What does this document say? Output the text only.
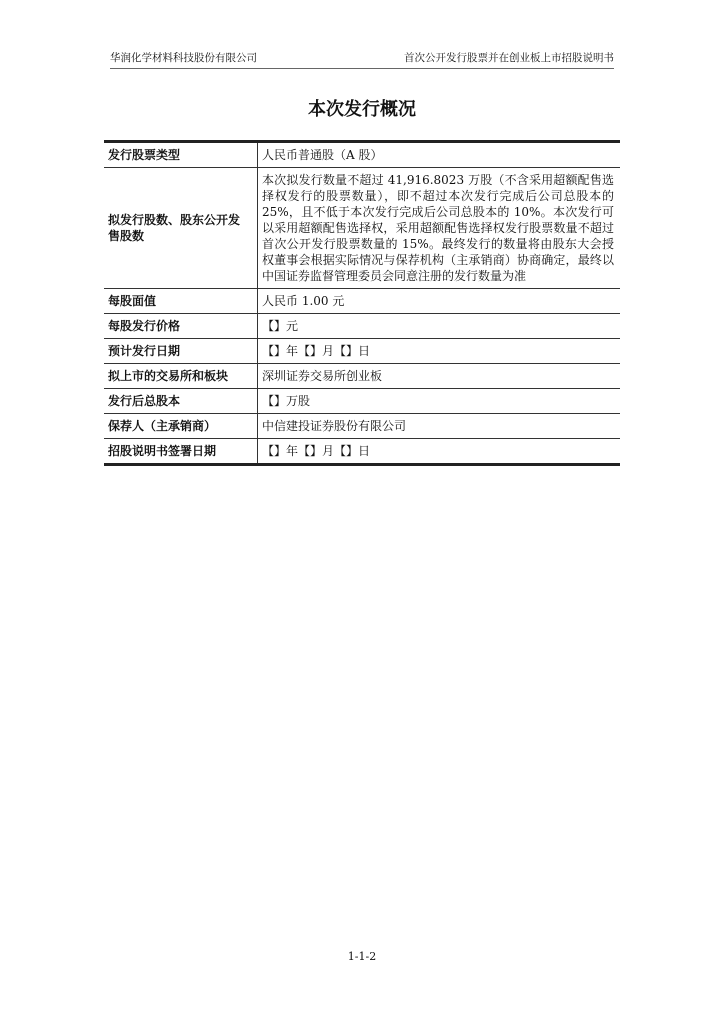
华润化学材料科技股份有限公司	首次公开发行股票并在创业板上市招股说明书
本次发行概况
发行股票类型	人民币普通股（A 股）
拟发行股数、股东公开发售股数	本次拟发行数量不超过 41,916.8023 万股（不含采用超额配售选择权发行的股票数量），即不超过本次发行完成后公司总股本的25%，且不低于本次发行完成后公司总股本的 10%。本次发行可以采用超额配售选择权，采用超额配售选择权发行股票数量不超过首次公开发行股票数量的 15%。最终发行的数量将由股东大会授权董事会根据实际情况与保荐机构（主承销商）协商确定，最终以中国证券监督管理委员会同意注册的发行数量为准
每股面值	人民币 1.00 元
每股发行价格	【】元
预计发行日期	【】年【】月【】日
拟上市的交易所和板块	深圳证券交易所创业板
发行后总股本	【】万股
保荐人（主承销商）	中信建投证券股份有限公司
招股说明书签署日期	【】年【】月【】日
1-1-2
